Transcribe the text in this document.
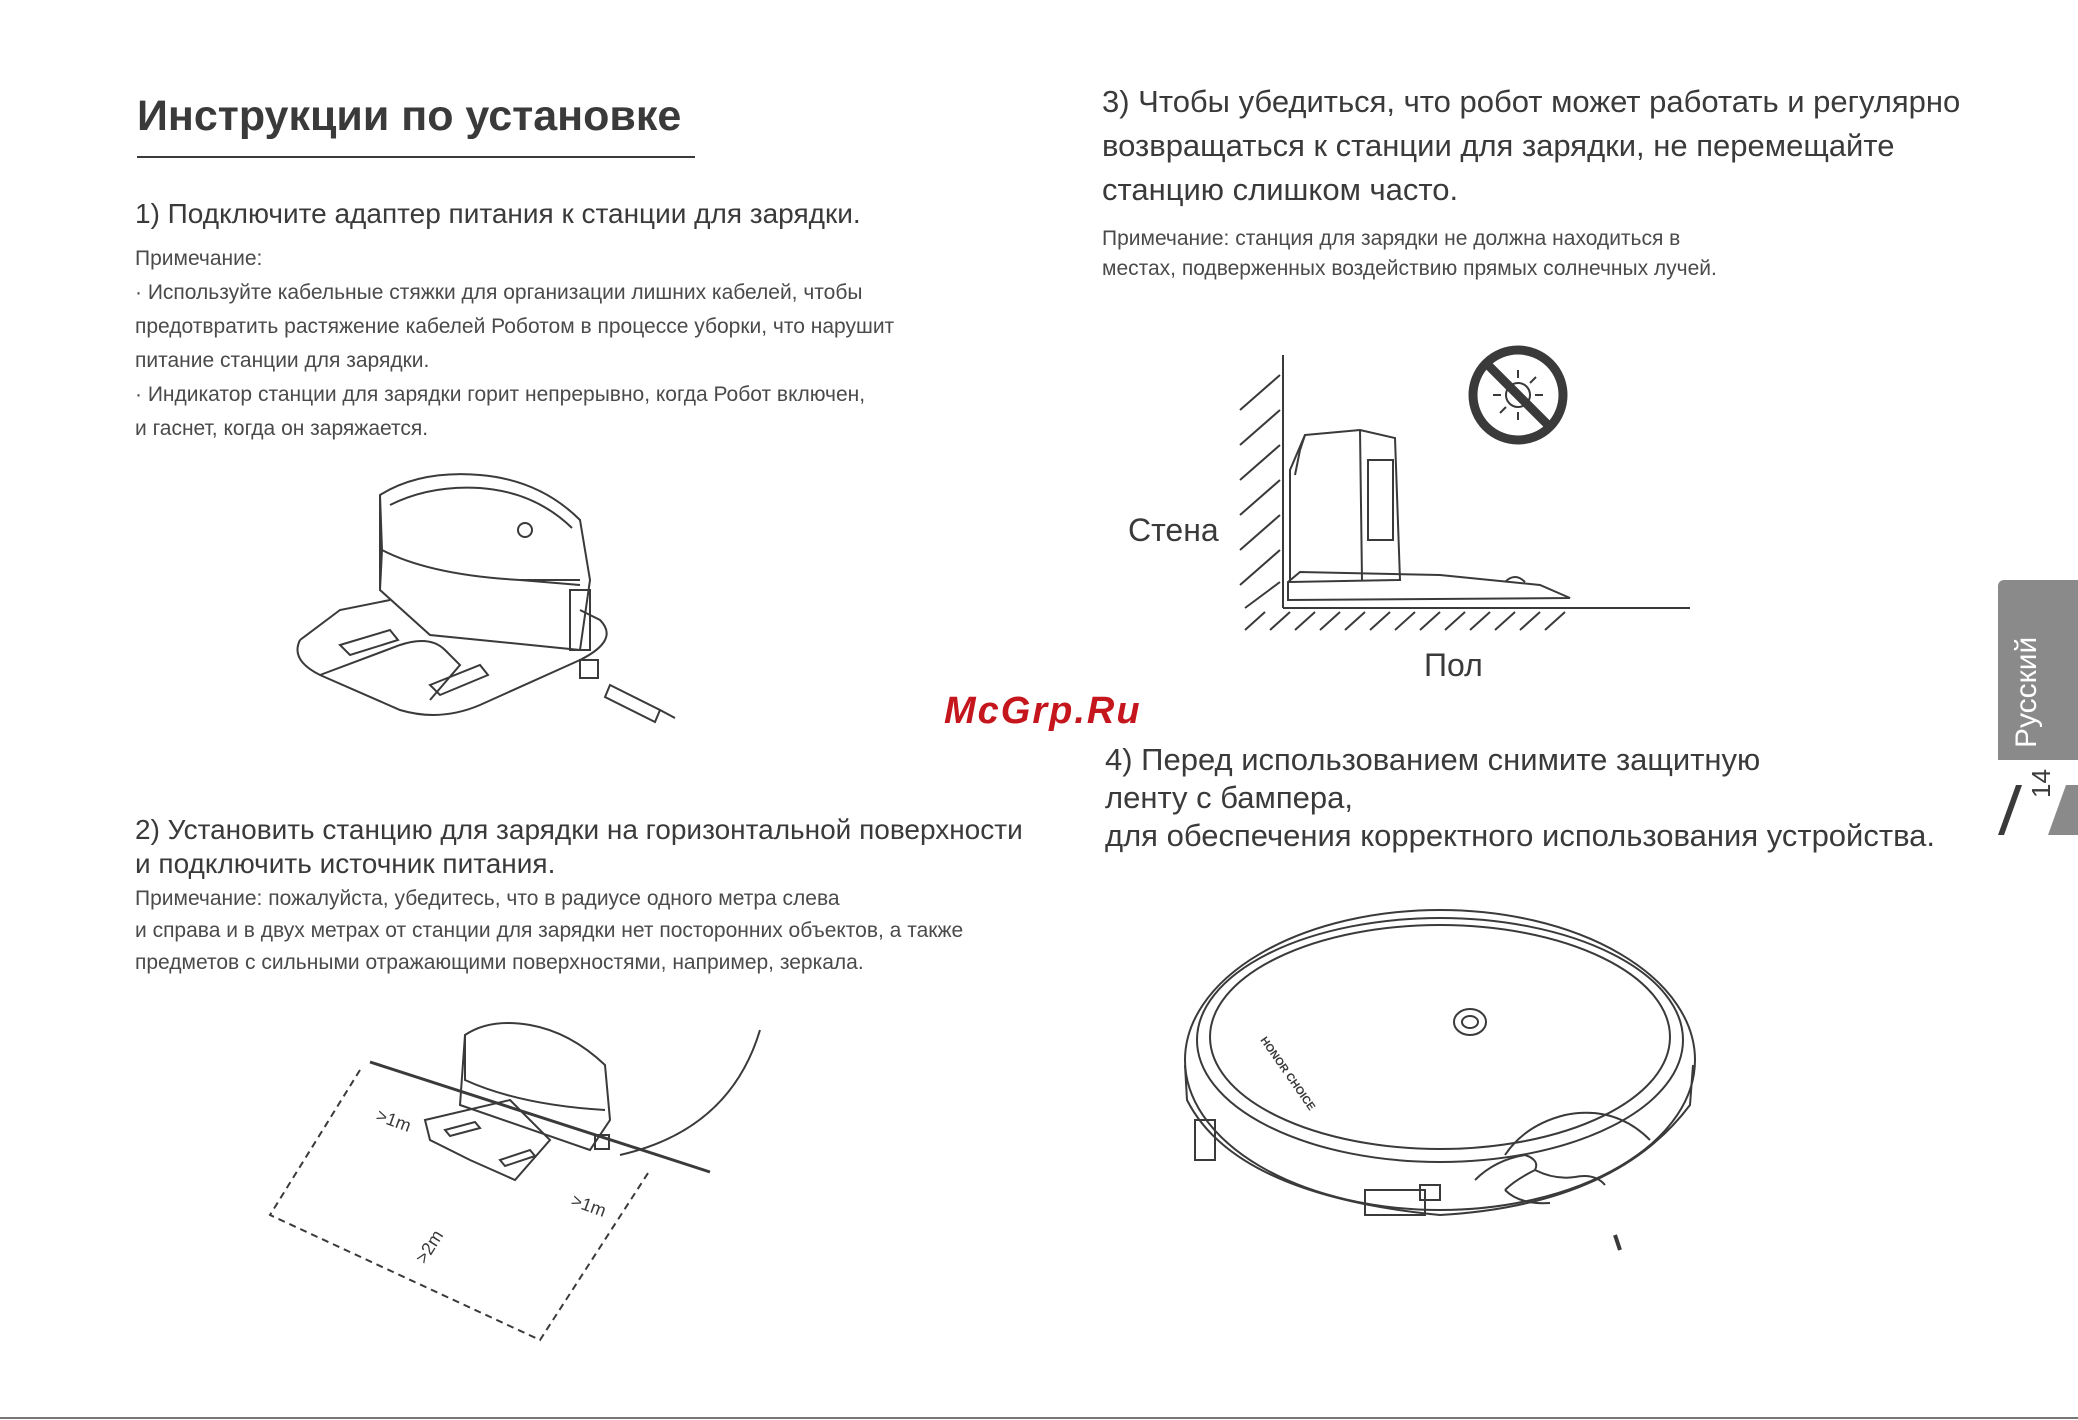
Инструкции по установке
1) Подключите адаптер питания к станции для зарядки.
Примечание:
· Используйте кабельные стяжки для организации лишних кабелей, чтобы
предотвратить растяжение кабелей Роботом в процессе уборки, что нарушит
питание станции для зарядки.
· Индикатор станции для зарядки горит непрерывно, когда Робот включен,
и гаснет, когда он заряжается.
2) Установить станцию для зарядки на горизонтальной поверхности
и подключить источник питания.
Примечание: пожалуйста, убедитесь, что в радиусе одного метра слева
и справа и в двух метрах от станции для зарядки нет посторонних объектов, а также
предметов с сильными отражающими поверхностями, например, зеркала.
>1m
>1m
>2m
3) Чтобы убедиться, что робот может работать и регулярно
возвращаться к станции для зарядки, не перемещайте
станцию слишком часто.
Примечание: станция для зарядки не должна находиться в
местах, подверженных воздействию прямых солнечных лучей.
Стена
Пол
McGrp.Ru
4) Перед использованием снимите защитную
ленту с бампера,
для обеспечения корректного использования устройства.
HONOR CHOICE
Русский
14
